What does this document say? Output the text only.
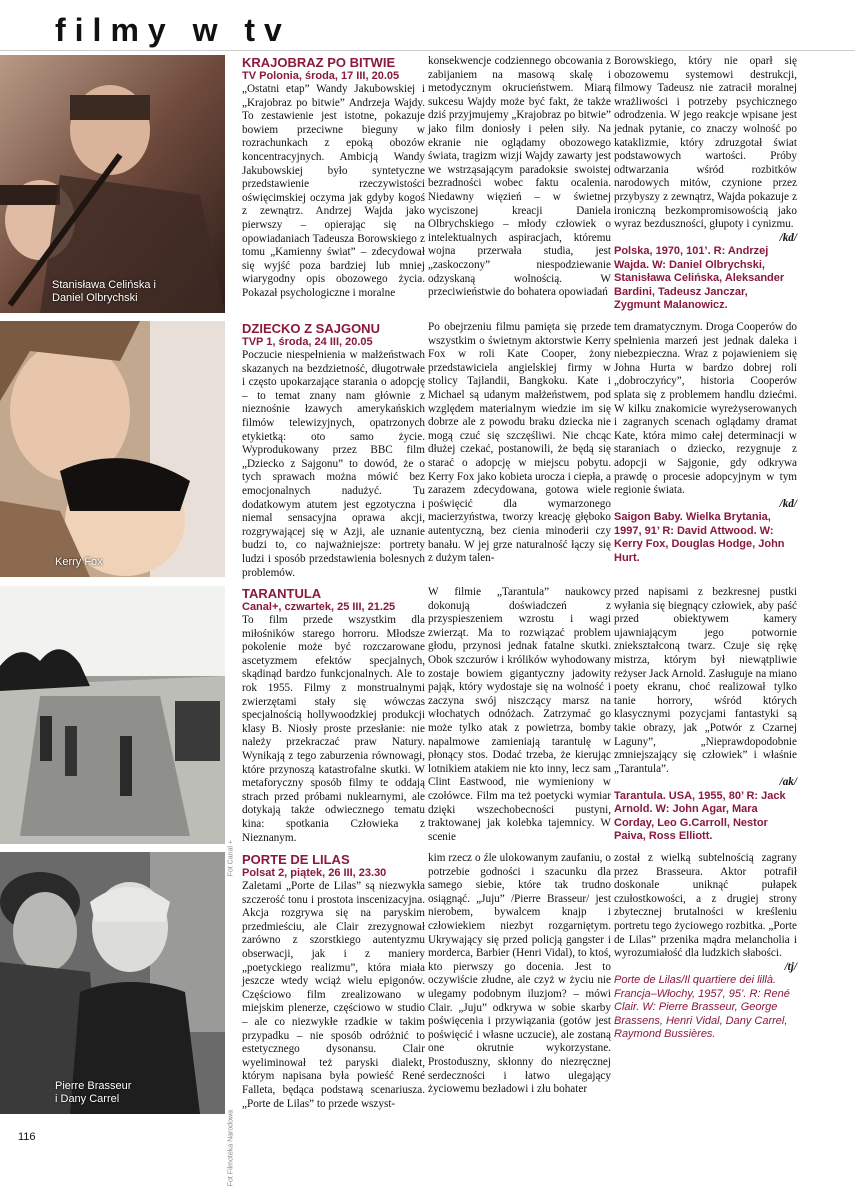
filmy w tv
Stanisława Celińska i
Daniel Olbrychski

KRAJOBRAZ PO BITWIE

TV Polonia, środa, 17 III, 20.05

„Ostatni etap” Wandy Jakubowskiej i „Krajobraz po bitwie” Andrzeja Wajdy. To zestawienie jest istotne, pokazuje bowiem przeciwne bieguny w rozrachunkach z epoką obozów koncentracyjnych. Ambicją Wandy Jakubowskiej było syntetyczne przedstawienie rzeczywistości oświęcimskiej oczyma jak gdyby kogoś z zewnątrz. Andrzej Wajda jako pierwszy – opierając się na opowiadaniach Tadeusza Borowskiego z tomu „Kamienny świat” – zdecydował się wyjść poza bardziej lub mniej wiarygodny opis obozowego życia. Pokazał psychologiczne i moralne

konsekwencje codziennego obcowania z zabijaniem na masową skalę i metodycznym okrucieństwem. Miarą sukcesu Wajdy może być fakt, że także dziś przyjmujemy „Krajobraz po bitwie” jako film doniosły i pełen siły. Na ekranie nie oglądamy obozowego świata, tragizm wizji Wajdy zawarty jest we wstrząsającym paradoksie swoistej bezradności wobec faktu ocalenia. Niedawny więzień – w świetnej wyciszonej kreacji Daniela Olbrychskiego – młody człowiek o intelektualnych aspiracjach, któremu wojna przerwała studia, jest „zaskoczony” niespodziewanie odzyskaną wolnością. W przeciwieństwie do bohatera opowiadań

Borowskiego, który nie oparł się obozowemu systemowi destrukcji, filmowy Tadeusz nie zatracił moralnej wrażliwości i potrzeby psychicznego odrodzenia. W jego reakcje wpisane jest jednak pytanie, co znaczy wolność po kataklizmie, który zdruzgotał świat podstawowych wartości. Próby odtwarzania wśród rozbitków narodowych mitów, czynione przez przybyszy z zewnątrz, Wajda pokazuje z ironiczną bezkompromisowością jako wyraz bezduszności, głupoty i cynizmu.

/kd/

Polska, 1970, 101’. R: Andrzej Wajda. W: Daniel Olbrychski, Stanisława Celińska, Aleksander Bardini, Tadeusz Janczar, Zygmunt Malanowicz.

Kerry Fox

DZIECKO Z SAJGONU

TVP 1, środa, 24 III, 20.05

Poczucie niespełnienia w małżeństwach skazanych na bezdzietność, długotrwałe i często upokarzające starania o adopcję – to temat znany nam głównie z nieznośnie łzawych amerykańskich filmów telewizyjnych, opatrzonych etykietką: oto samo życie. Wyprodukowany przez BBC film „Dziecko z Sajgonu” to dowód, że o tych sprawach można mówić bez emocjonalnych nadużyć. Tu dodatkowym atutem jest egzotyczna i niemal sensacyjna oprawa akcji, rozgrywającej się w Azji, ale uznanie budzi to, co najważniejsze: portrety ludzi i sposób przedstawienia bolesnych problemów.

Po obejrzeniu filmu pamięta się przede wszystkim o świetnym aktorstwie Kerry Fox w roli Kate Cooper, żony przedstawiciela angielskiej firmy w stolicy Tajlandii, Bangkoku. Kate i Michael są udanym małżeństwem, pod względem materialnym wiedzie im się dobrze ale z powodu braku dziecka nie mogą czuć się szczęśliwi. Nie chcąc dłużej czekać, postanowili, że będą się starać o adopcję w miejscu pobytu. Kerry Fox jako kobieta urocza i ciepła, a zarazem zdecydowana, gotowa wiele poświęcić dla wymarzonego macierzyństwa, tworzy kreację głęboko autentyczną, bez cienia minoderii czy banału. W jej grze naturalność łączy się z dużym talen-

tem dramatycznym. Droga Cooperów do spełnienia marzeń jest jednak daleka i niebezpieczna. Wraz z pojawieniem się Johna Hurta w bardzo dobrej roli „dobroczyńcy”, historia Cooperów splata się z problemem handlu dziećmi. W kilku znakomicie wyreżyserowanych i zagranych scenach oglądamy dramat Kate, która mimo całej determinacji w staraniach o dziecko, rezygnuje z adopcji w Sajgonie, gdy odkrywa prawdę o procesie adopcyjnym w tym regionie świata.

/kd/

Saigon Baby. Wielka Brytania, 1997, 91’ R: David Attwood. W: Kerry Fox, Douglas Hodge, John Hurt.

Fot Canal +

TARANTULA

Canal+, czwartek, 25 III, 21.25

To film przede wszystkim dla miłośników starego horroru. Młodsze pokolenie może być rozczarowane ascetyzmem efektów specjalnych, skądinąd bardzo funkcjonalnych. Ale to rok 1955. Filmy z monstrualnymi zwierzętami stały się wówczas specjalnością hollywoodzkiej produkcji klasy B. Niosły proste przesłanie: nie należy przekraczać praw Natury. Wynikają z tego zaburzenia równowagi, które przynoszą katastrofalne skutki. W metaforyczny sposób filmy te oddają strach przed próbami nuklearnymi, ale dotykają także odwiecznego tematu kina: spotkania Człowieka z Nieznanym.

W filmie „Tarantula” naukowcy dokonują doświadczeń z przyspieszeniem wzrostu i wagi zwierząt. Ma to rozwiązać problem głodu, przynosi jednak fatalne skutki. Obok szczurów i królików wyhodowany zostaje bowiem gigantyczny jadowity pająk, który wydostaje się na wolność i zaczyna swój niszczący marsz na włochatych odnóżach. Zatrzymać go może tylko atak z powietrza, bomby napalmowe zamieniają tarantulę w płonący stos. Dodać trzeba, że kierując lotnikiem atakiem nie kto inny, lecz sam Clint Eastwood, nie wymieniony w czołówce. Film ma też poetycki wymiar dzięki wszechobecności pustyni, traktowanej jak kolebka tajemnicy. W scenie

przed napisami z bezkresnej pustki wyłania się biegnący człowiek, aby paść przed obiektywem kamery ujawniającym jego potwornie zniekształconą twarz. Czuje się rękę mistrza, którym był niewątpliwie reżyser Jack Arnold. Zasługuje na miano poety ekranu, choć realizował tylko tanie horrory, wśród których klasycznymi pozycjami fantastyki są takie obrazy, jak „Potwór z Czarnej Laguny”, „Nieprawdopodobnie zmniejszający się człowiek” i właśnie „Tarantula”.

/ak/

Tarantula. USA, 1955, 80’ R: Jack Arnold. W: John Agar, Mara Corday, Leo G.Carroll, Nestor Paiva, Ross Elliott.

Pierre Brasseur
i Dany Carrel
Fot Filmoteka Narodowa

PORTE DE LILAS

Polsat 2, piątek, 26 III, 23.30

Zaletami „Porte de Lilas” są niezwykła szczerość tonu i prostota inscenizacyjna. Akcja rozgrywa się na paryskim przedmieściu, ale Clair zrezygnował zarówno z szorstkiego autentyzmu obserwacji, jak i z maniery „poetyckiego realizmu”, która miała jeszcze wtedy wciąż wielu epigonów. Częściowo film zrealizowano w miejskim plenerze, częściowo w studio – ale co niezwykłe rzadkie w takim przypadku – nie sposób odróżnić to estetycznego dysonansu. Clair wyeliminował też paryski dialekt, którym napisana była powieść René Falleta, będąca podstawą scenariusza. „Porte de Lilas” to przede wszyst-

kim rzecz o źle ulokowanym zaufaniu, o potrzebie godności i szacunku dla samego siebie, które tak trudno osiągnąć. „Juju” /Pierre Brasseur/ jest nierobem, bywalcem knajp i człowiekiem niezbyt rozgarniętym. Ukrywający się przed policją gangster i morderca, Barbier (Henri Vidal), to ktoś, kto pierwszy go docenia. Jest to oczywiście złudne, ale czyż w życiu nie ulegamy podobnym iluzjom? – mówi Clair. „Juju” odkrywa w sobie skarby poświęcenia i przywiązania (gotów jest poświęcić i własne uczucie), ale zostaną one okrutnie wykorzystane. Prostoduszny, skłonny do niezręcznej serdeczności i łatwo ulegający życiowemu bezładowi i złu bohater

został z wielką subtelnością zagrany przez Brasseura. Aktor potrafił doskonale uniknąć pułapek czułostkowości, a z drugiej strony zbytecznej brutalności w kreśleniu portretu tego życiowego rozbitka. „Porte de Lilas” przenika mądra melancholia i wyrozumiałość dla ludzkich słabości.

/tj/

Porte de Lilas/Il quartiere dei lillà. Francja–Włochy, 1957, 95’. R: René Clair. W: Pierre Brasseur, George Brassens, Henri Vidal, Dany Carrel, Raymond Bussières.

116
